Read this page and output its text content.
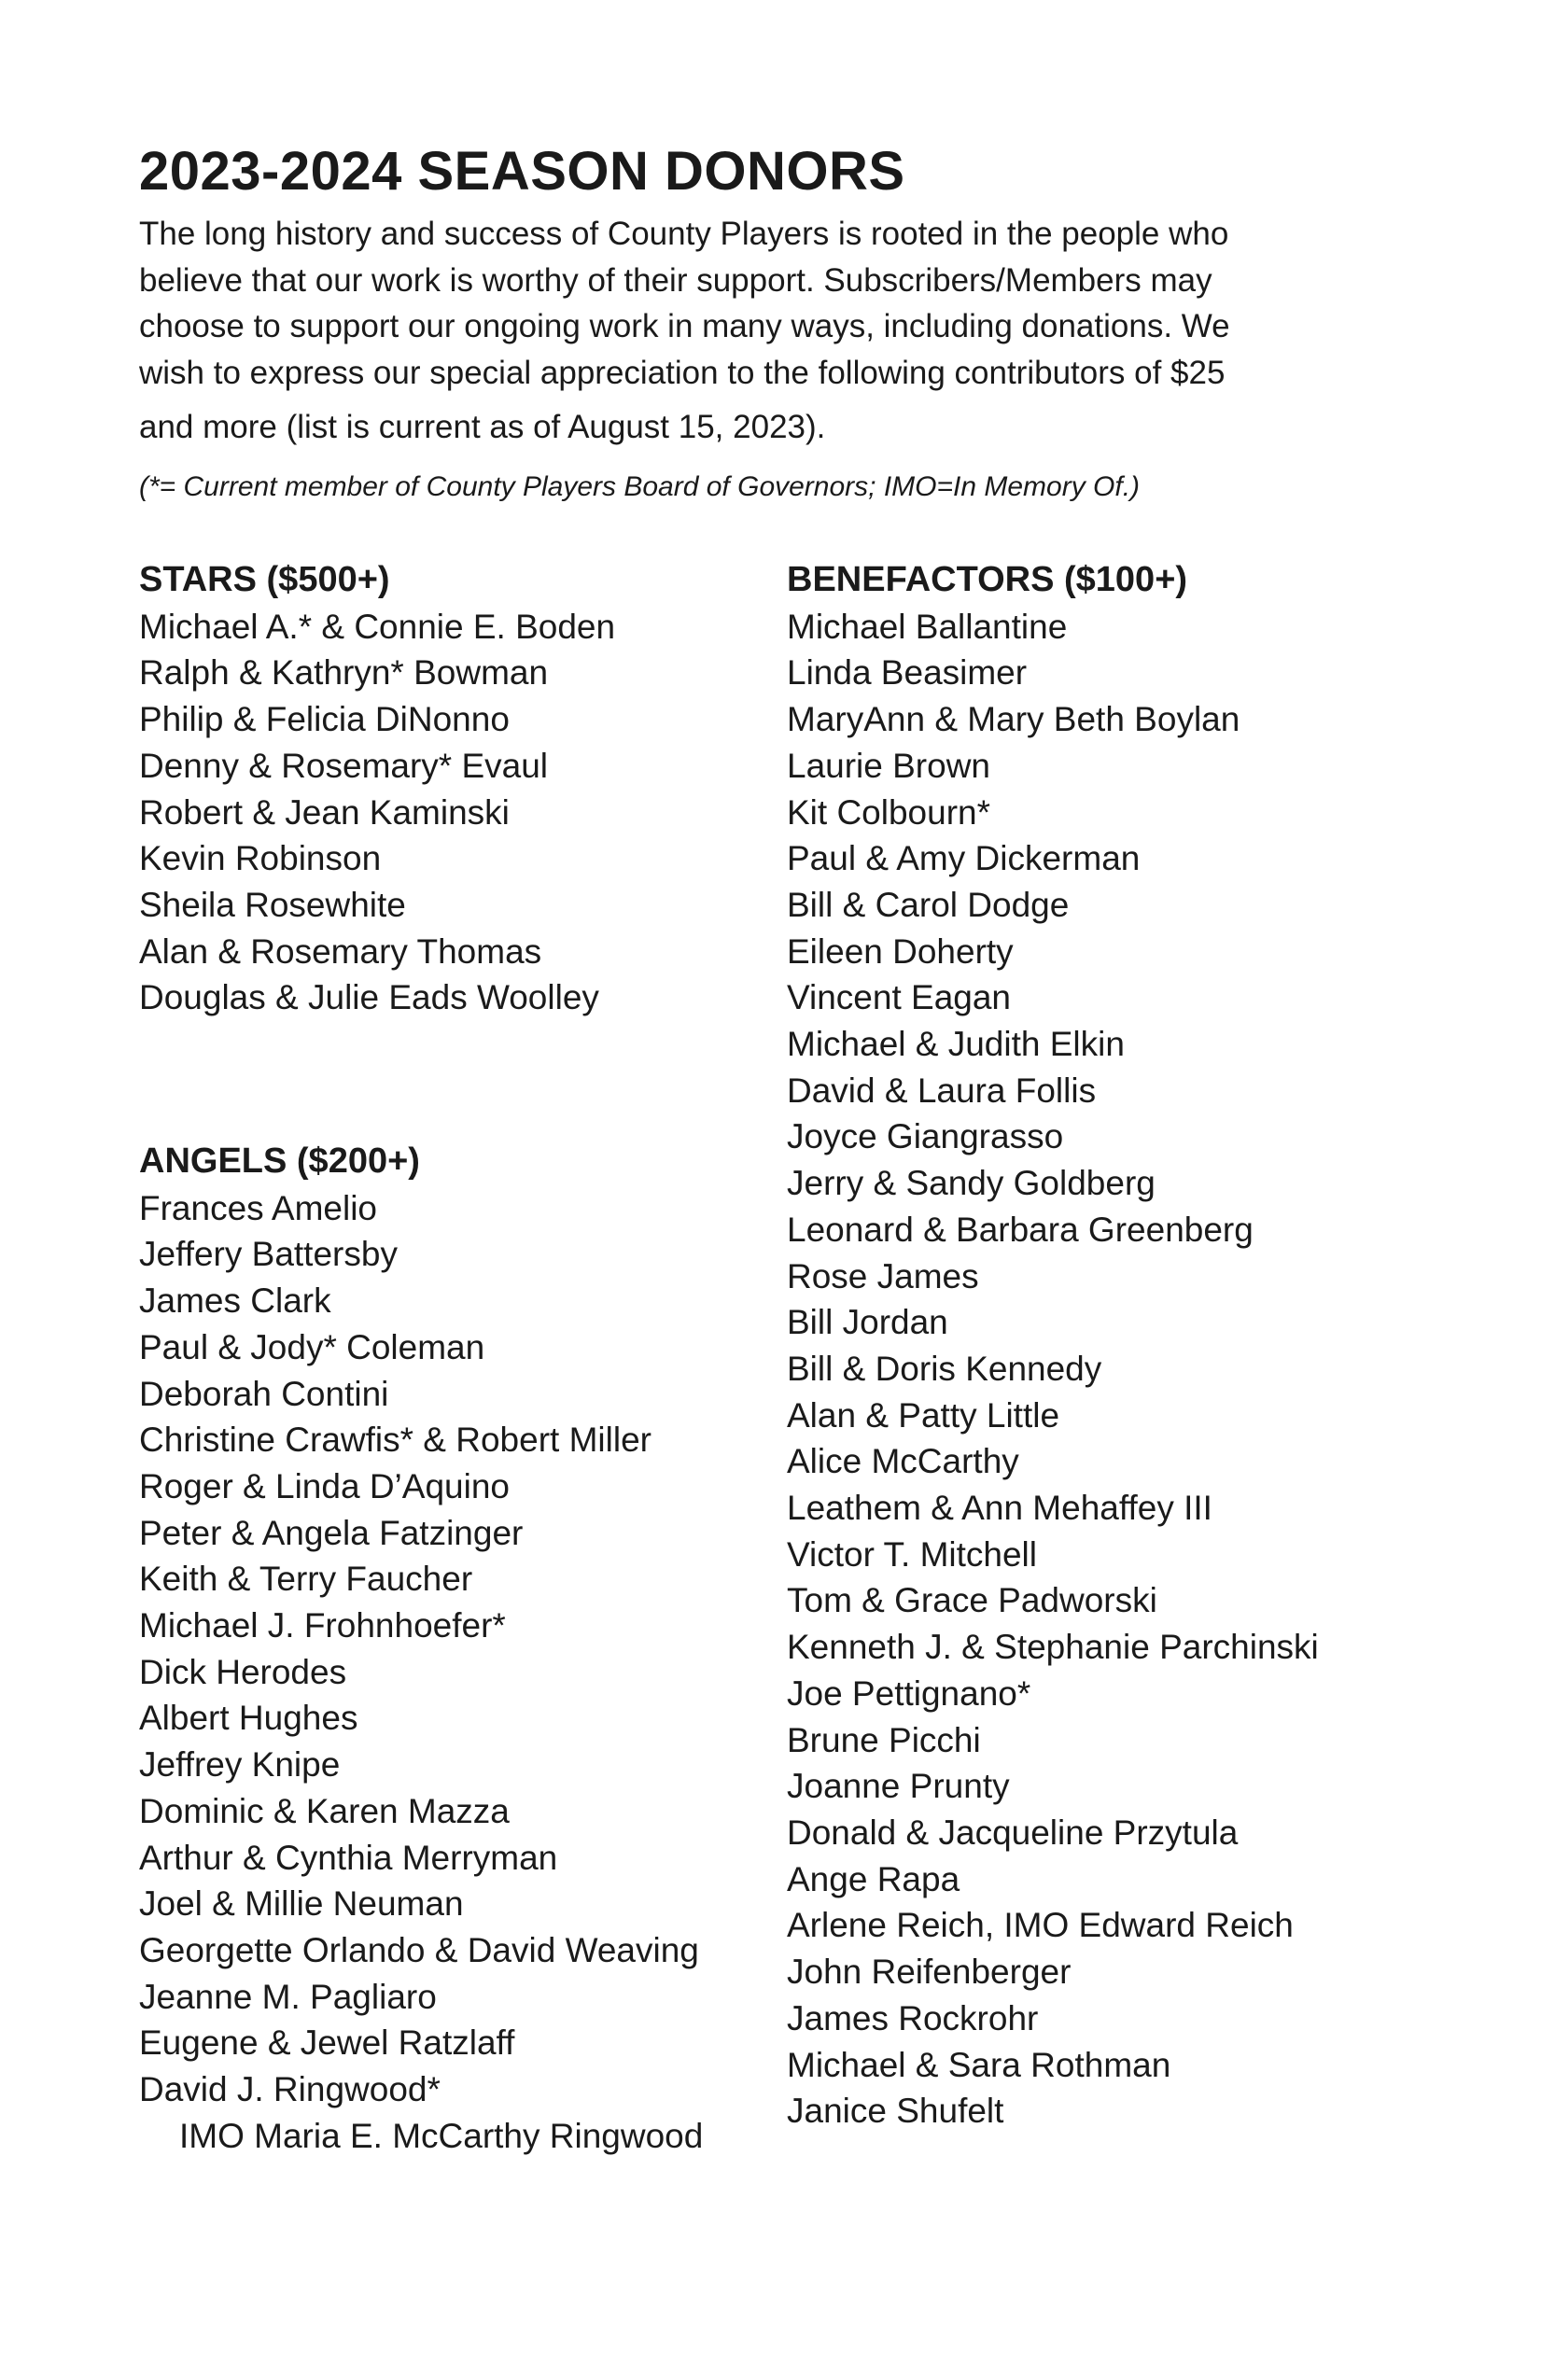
2023-2024 SEASON DONORS
The long history and success of County Players is rooted in the people who
believe that our work is worthy of their support. Subscribers/Members may
choose to support our ongoing work in many ways, including donations. We
wish to express our special appreciation to the following contributors of $25
and more (list is current as of August 15, 2023).
(*= Current member of County Players Board of Governors; IMO=In Memory Of.)
STARS ($500+)
Michael A.* & Connie E. Boden
Ralph & Kathryn* Bowman
Philip & Felicia DiNonno
Denny & Rosemary* Evaul
Robert & Jean Kaminski
Kevin Robinson
Sheila Rosewhite
Alan & Rosemary Thomas
Douglas & Julie Eads Woolley
ANGELS ($200+)
Frances Amelio
Jeffery Battersby
James Clark
Paul & Jody* Coleman
Deborah Contini
Christine Crawfis* & Robert Miller
Roger & Linda D’Aquino
Peter & Angela Fatzinger
Keith & Terry Faucher
Michael J. Frohnhoefer*
Dick Herodes
Albert Hughes
Jeffrey Knipe
Dominic & Karen Mazza
Arthur & Cynthia Merryman
Joel & Millie Neuman
Georgette Orlando & David Weaving
Jeanne M. Pagliaro
Eugene & Jewel Ratzlaff
David J. Ringwood*
IMO Maria E. McCarthy Ringwood
BENEFACTORS ($100+)
Michael Ballantine
Linda Beasimer
MaryAnn & Mary Beth Boylan
Laurie Brown
Kit Colbourn*
Paul & Amy Dickerman
Bill & Carol Dodge
Eileen Doherty
Vincent Eagan
Michael & Judith Elkin
David & Laura Follis
Joyce Giangrasso
Jerry & Sandy Goldberg
Leonard & Barbara Greenberg
Rose James
Bill Jordan
Bill & Doris Kennedy
Alan & Patty Little
Alice McCarthy
Leathem & Ann Mehaffey III
Victor T. Mitchell
Tom & Grace Padworski
Kenneth J. & Stephanie Parchinski
Joe Pettignano*
Brune Picchi
Joanne Prunty
Donald & Jacqueline Przytula
Ange Rapa
Arlene Reich, IMO Edward Reich
John Reifenberger
James Rockrohr
Michael & Sara Rothman
Janice Shufelt
